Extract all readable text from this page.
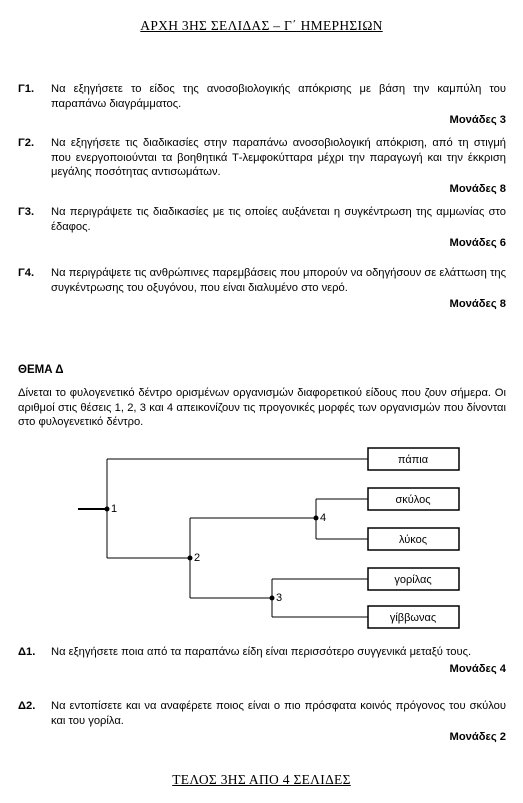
ΑΡΧΗ 3ΗΣ ΣΕΛΙΔΑΣ – Γ΄ ΗΜΕΡΗΣΙΩΝ
Γ1. Να εξηγήσετε το είδος της ανοσοβιολογικής απόκρισης με βάση την καμπύλη του παραπάνω διαγράμματος.
Μονάδες 3
Γ2. Να εξηγήσετε τις διαδικασίες στην παραπάνω ανοσοβιολογική απόκριση, από τη στιγμή που ενεργοποιούνται τα βοηθητικά Τ-λεμφοκύτταρα μέχρι την παραγωγή και την έκκριση μεγάλης ποσότητας αντισωμάτων.
Μονάδες 8
Γ3. Να περιγράψετε τις διαδικασίες με τις οποίες αυξάνεται η συγκέντρωση της αμμωνίας στο έδαφος.
Μονάδες 6
Γ4. Να περιγράψετε τις ανθρώπινες παρεμβάσεις που μπορούν να οδηγήσουν σε ελάττωση της συγκέντρωσης του οξυγόνου, που είναι διαλυμένο στο νερό.
Μονάδες 8
ΘΕΜΑ Δ
Δίνεται το φυλογενετικό δέντρο ορισμένων οργανισμών διαφορετικού είδους που ζουν σήμερα. Οι αριθμοί στις θέσεις 1, 2, 3 και 4 απεικονίζουν τις προγονικές μορφές των οργανισμών που δίνονται στο φυλογενετικό δέντρο.
1
2
3
4
πάπια
σκύλος
λύκος
γορίλας
γίββωνας
Δ1. Να εξηγήσετε ποια από τα παραπάνω είδη είναι περισσότερο συγγενικά μεταξύ τους.
Μονάδες 4
Δ2. Να εντοπίσετε και να αναφέρετε ποιος είναι ο πιο πρόσφατα κοινός πρόγονος του σκύλου και του γορίλα.
Μονάδες 2
ΤΕΛΟΣ 3ΗΣ ΑΠΟ 4 ΣΕΛΙΔΕΣ
